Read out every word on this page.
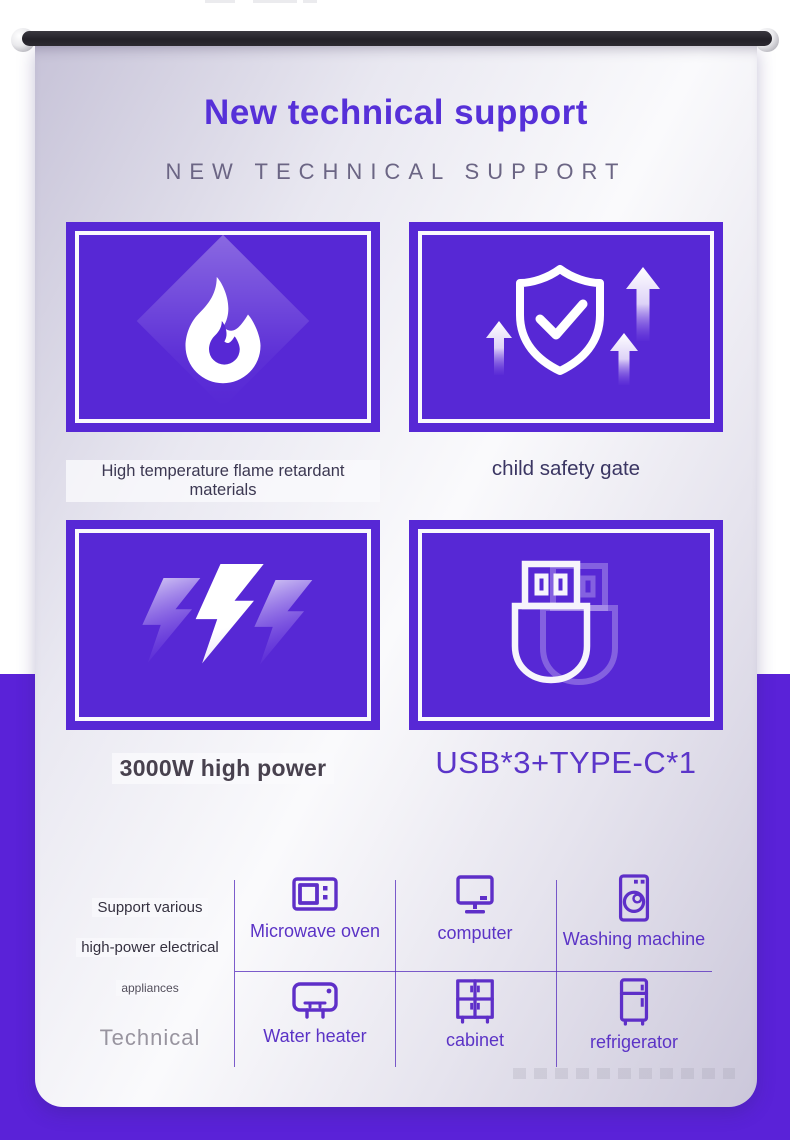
New technical support
NEW TECHNICAL SUPPORT
High temperature flame retardant materials
child safety gate
3000W high power	USB*3+TYPE-C*1
Support various
high-power electrical
appliances
Technical
Microwave oven	computer	Washing machine
Water heater	cabinet	refrigerator
